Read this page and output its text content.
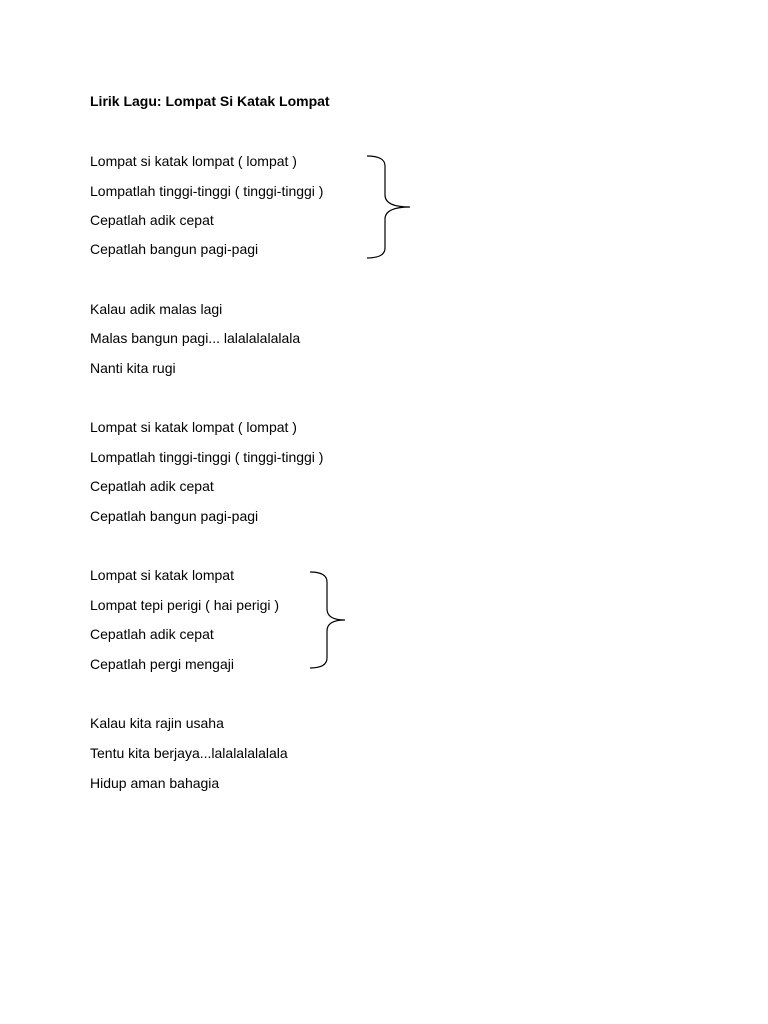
Lirik Lagu: Lompat Si Katak Lompat
Lompat si katak lompat ( lompat )
Lompatlah tinggi-tinggi ( tinggi-tinggi )
Cepatlah adik cepat
Cepatlah bangun pagi-pagi
Kalau adik malas lagi
Malas bangun pagi... lalalalalalala
Nanti kita rugi
Lompat si katak lompat ( lompat )
Lompatlah tinggi-tinggi ( tinggi-tinggi )
Cepatlah adik cepat
Cepatlah bangun pagi-pagi
Lompat si katak lompat
Lompat tepi perigi ( hai perigi )
Cepatlah adik cepat
Cepatlah pergi mengaji
Kalau kita rajin usaha
Tentu kita berjaya...lalalalalalala
Hidup aman bahagia
